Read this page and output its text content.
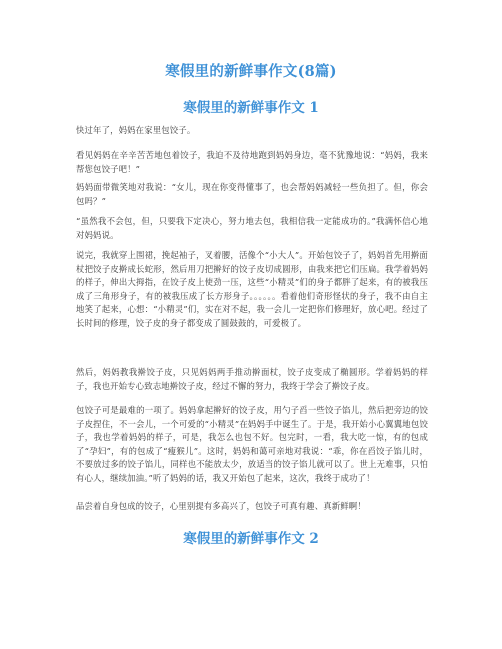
寒假里的新鲜事作文(8篇)
寒假里的新鲜事作文 1

快过年了，妈妈在家里包饺子。

看见妈妈在辛辛苦苦地包着饺子，我迫不及待地跑到妈妈身边，毫不犹豫地说：“妈妈，我来帮您包饺子吧！”

妈妈面带微笑地对我说：“女儿，现在你变得懂事了，也会帮妈妈减轻一些负担了。但，你会包吗？”

“虽然我不会包，但，只要我下定决心，努力地去包，我相信我一定能成功的。”我满怀信心地对妈妈说。

说完，我就穿上围裙，挽起袖子，叉着腰，活像个“小大人”。开始包饺子了，妈妈首先用擀面杖把饺子皮擀成长蛇形，然后用刀把擀好的饺子皮切成圆形，由我来把它们压扁。我学着妈妈的样子，伸出大拇指，在饺子皮上使劲一压，这些“小精灵”们的身子都胖了起来，有的被我压成了三角形身子，有的被我压成了长方形身子。。。。。。看着他们奇形怪状的身子，我不由自主地笑了起来，心想：“小精灵”们，实在对不起，我一会儿一定把你们修理好，放心吧。经过了长时间的修理，饺子皮的身子都变成了圆鼓鼓的，可爱极了。

然后，妈妈教我擀饺子皮，只见妈妈两手推动擀面杖，饺子皮变成了椭圆形。学着妈妈的样子，我也开始专心致志地擀饺子皮，经过不懈的努力，我终于学会了擀饺子皮。

包饺子可是最难的一项了。妈妈拿起擀好的饺子皮，用勺子舀一些饺子馅儿，然后把旁边的饺子皮捏住，不一会儿，一个可爱的“小精灵”在妈妈手中诞生了。于是，我开始小心翼翼地包饺子，我也学着妈妈的样子，可是，我怎么也包不好。包完时，一看，我大吃一惊，有的包成了“孕妇”，有的包成了“瘦猴儿”。这时，妈妈和蔼可亲地对我说：“乖，你在舀饺子馅儿时，不要放过多的饺子馅儿，同样也不能放太少，放适当的饺子馅儿就可以了。世上无难事，只怕有心人，继续加油。”听了妈妈的话，我又开始包了起来，这次，我终于成功了！

品尝着自身包成的饺子，心里别提有多高兴了，包饺子可真有趣、真新鲜啊！

寒假里的新鲜事作文 2
